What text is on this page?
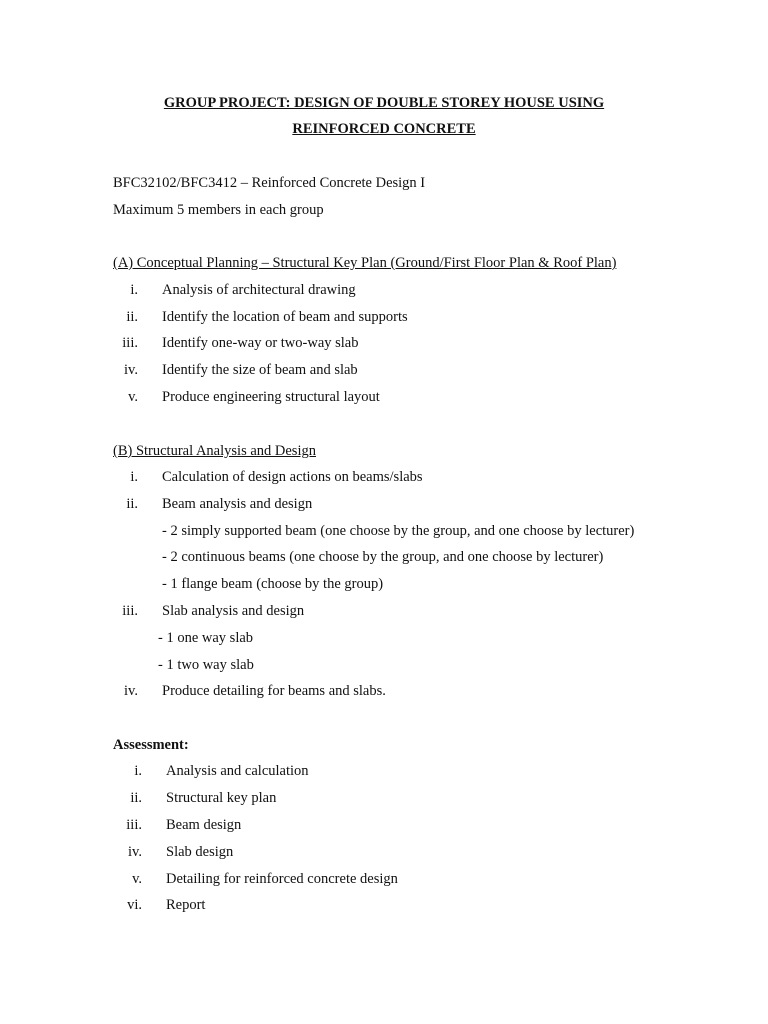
GROUP PROJECT: DESIGN OF DOUBLE STOREY HOUSE USING

REINFORCED CONCRETE

BFC32102/BFC3412 – Reinforced Concrete Design I

Maximum 5 members in each group

(A) Conceptual Planning – Structural Key Plan (Ground/First Floor Plan & Roof Plan)

i. Analysis of architectural drawing
ii. Identify the location of beam and supports
iii. Identify one-way or two-way slab
iv. Identify the size of beam and slab
v. Produce engineering structural layout

(B) Structural Analysis and Design

i. Calculation of design actions on beams/slabs
ii. Beam analysis and design
- 2 simply supported beam (one choose by the group, and one choose by lecturer)
- 2 continuous beams (one choose by the group, and one choose by lecturer)
- 1 flange beam (choose by the group)
iii. Slab analysis and design
- 1 one way slab
- 1 two way slab
iv. Produce detailing for beams and slabs.

Assessment:

i. Analysis and calculation
ii. Structural key plan
iii. Beam design
iv. Slab design
v. Detailing for reinforced concrete design
vi. Report
